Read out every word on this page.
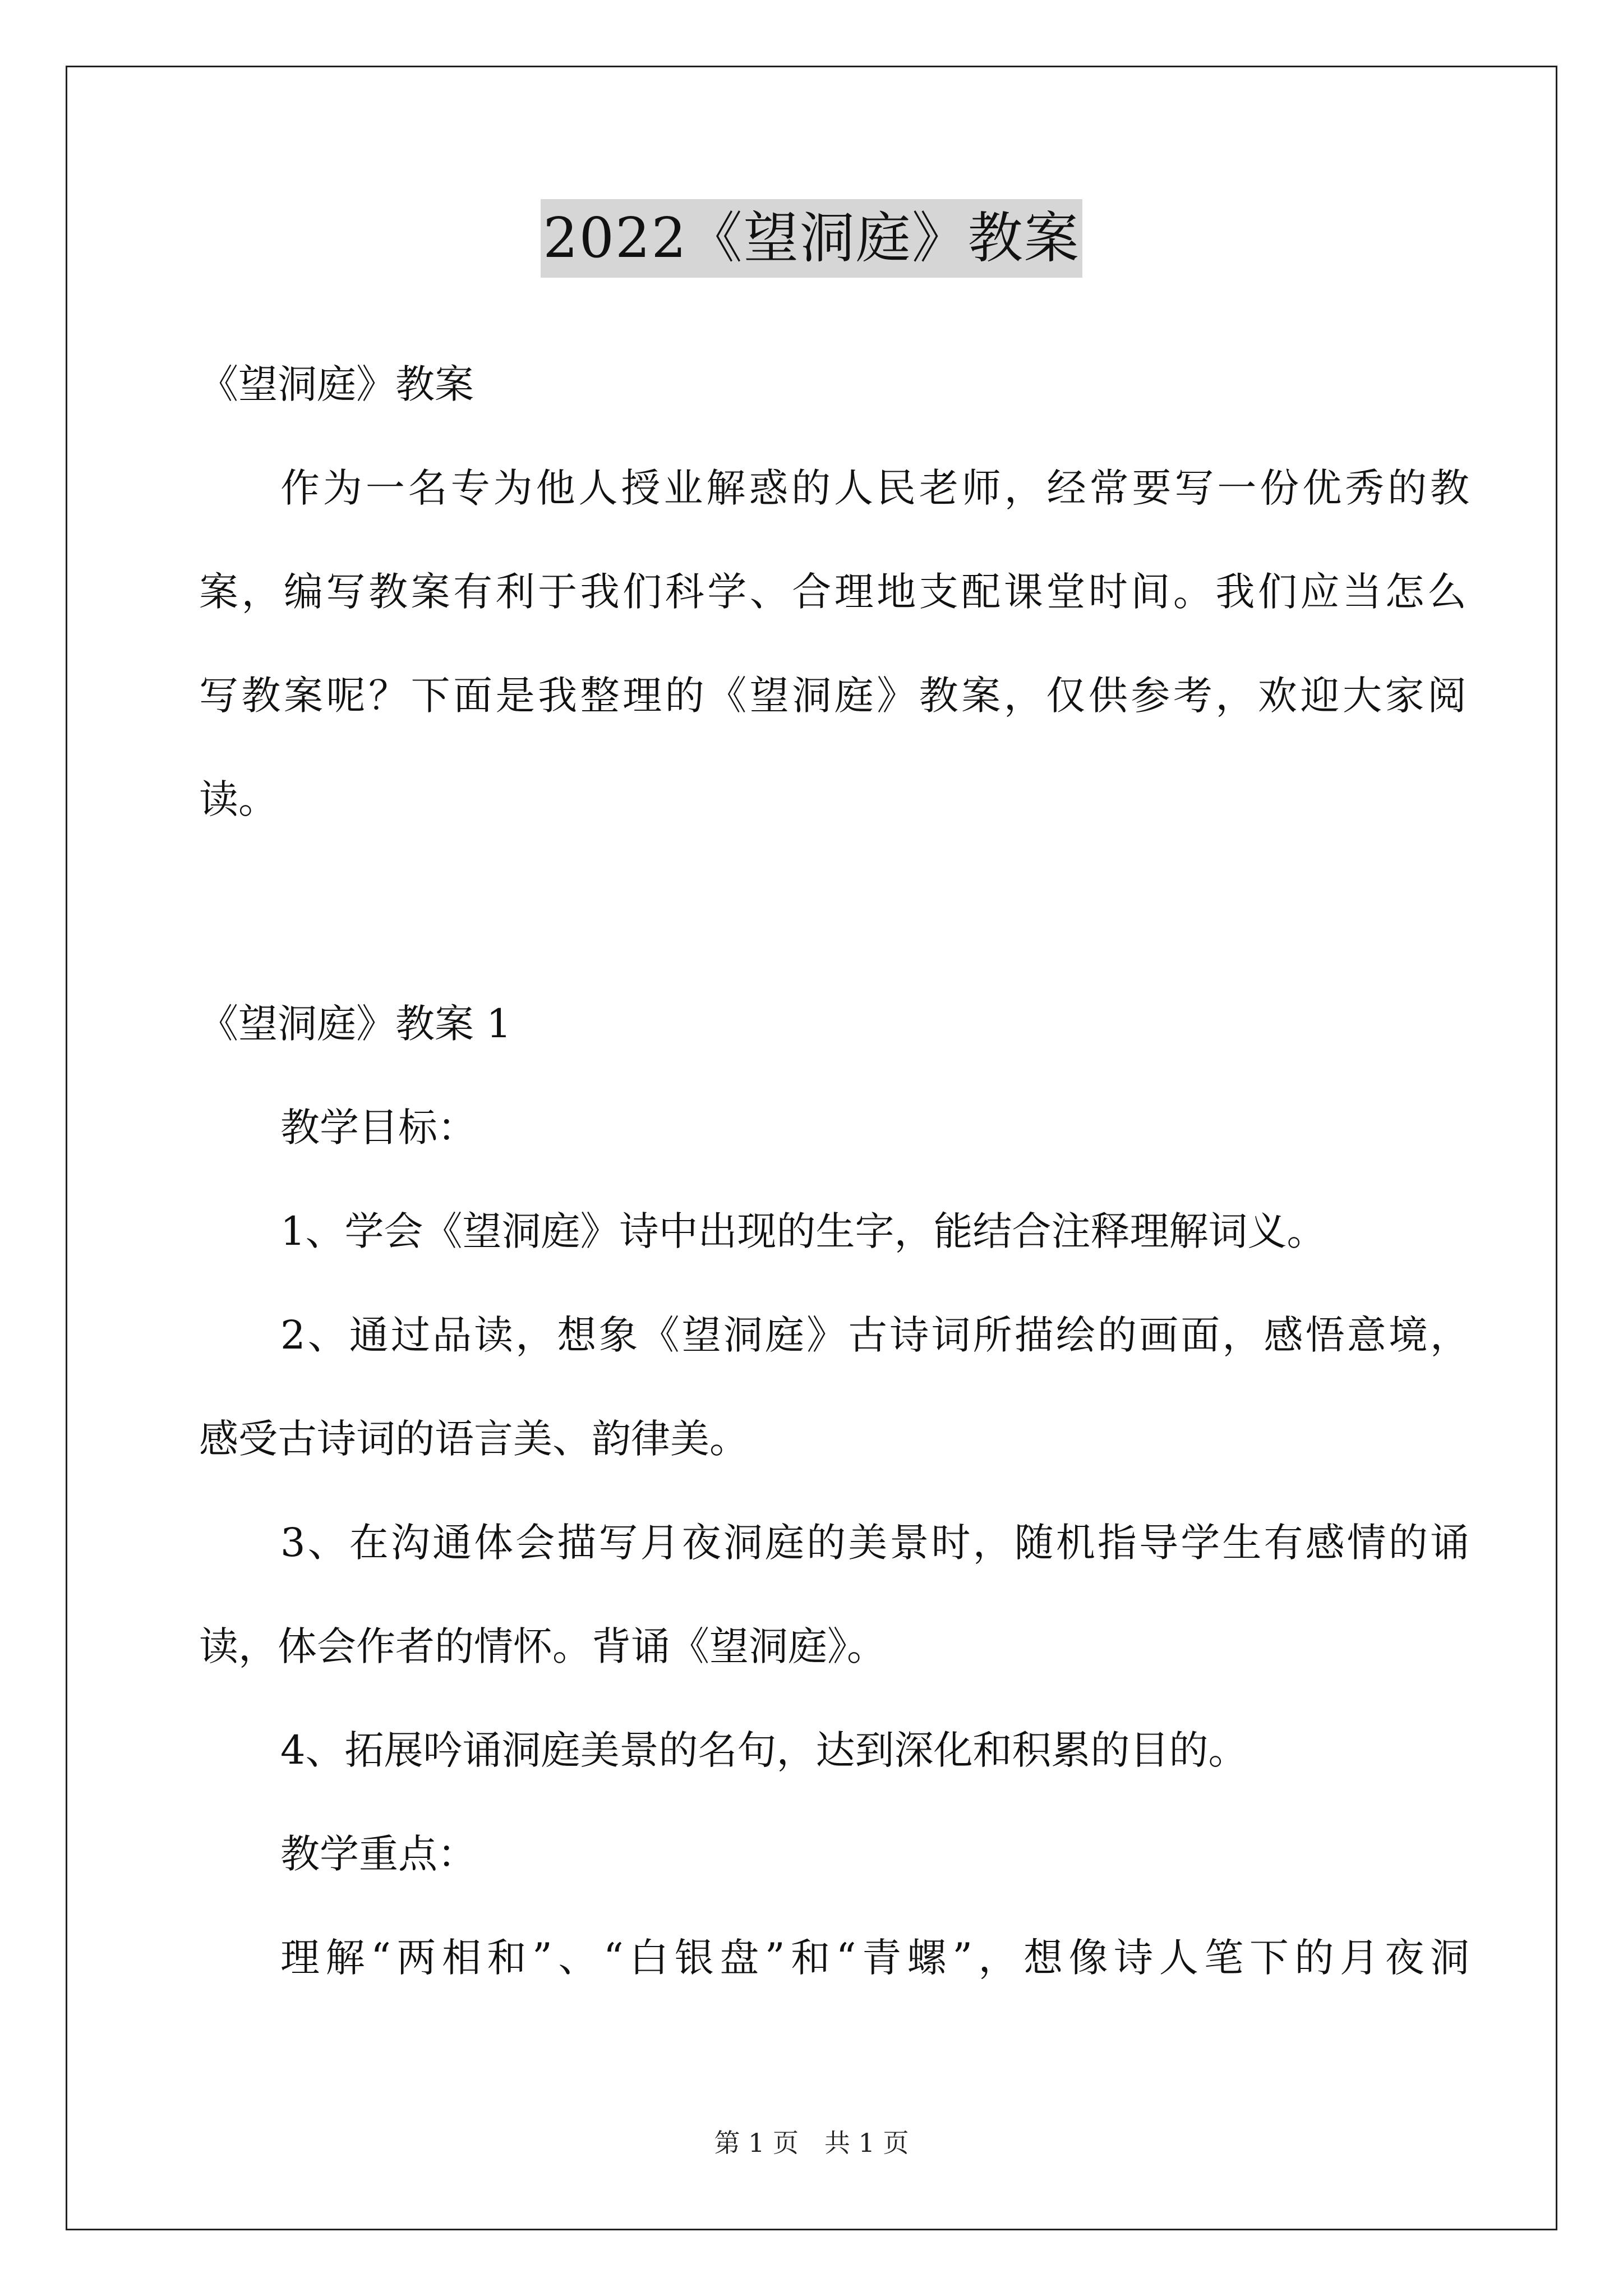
2022《望洞庭》教案

《望洞庭》教案

作为一名专为他人授业解惑的人民老师，经常要写一份优秀的教

案，编写教案有利于我们科学、合理地支配课堂时间。我们应当怎么

写教案呢？下面是我整理的《望洞庭》教案，仅供参考，欢迎大家阅

读。

《望洞庭》教案 1

教学目标：

1、学会《望洞庭》诗中出现的生字，能结合注释理解词义。

2、通过品读，想象《望洞庭》古诗词所描绘的画面，感悟意境，

感受古诗词的语言美、韵律美。

3、在沟通体会描写月夜洞庭的美景时，随机指导学生有感情的诵

读，体会作者的情怀。背诵《望洞庭》。

4、拓展吟诵洞庭美景的名句，达到深化和积累的目的。

教学重点：

理解“两相和”、“白银盘”和“青螺”，想像诗人笔下的月夜洞

第 1 页　共 1 页
